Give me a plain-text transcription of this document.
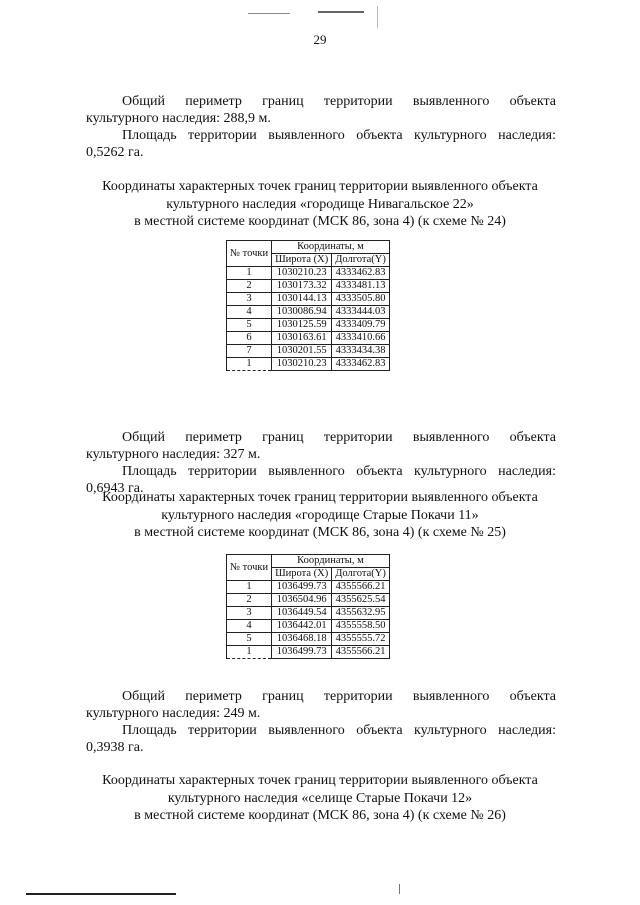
29
Общий периметр границ территории выявленного объекта
культурного наследия: 288,9 м.
Площадь территории выявленного объекта культурного наследия:
0,5262 га.
Координаты характерных точек границ территории выявленного объекта
культурного наследия «городище Нивагальское 22»
в местной системе координат (МСК 86, зона 4) (к схеме № 24)
№ точки	Координаты, м	
	Широта (X)	Долгота(Y)
1	1030210.23	4333462.83
2	1030173.32	4333481.13
3	1030144.13	4333505.80
4	1030086.94	4333444.03
5	1030125.59	4333409.79
6	1030163.61	4333410.66
7	1030201.55	4333434.38
1	1030210.23	4333462.83
Общий периметр границ территории выявленного объекта
культурного наследия: 327 м.
Площадь территории выявленного объекта культурного наследия:
0,6943 га.
Координаты характерных точек границ территории выявленного объекта
культурного наследия «городище Старые Покачи 11»
в местной системе координат (МСК 86, зона 4) (к схеме № 25)
№ точки	Координаты, м	
	Широта (X)	Долгота(Y)
1	1036499.73	4355566.21
2	1036504.96	4355625.54
3	1036449.54	4355632.95
4	1036442.01	4355558.50
5	1036468.18	4355555.72
1	1036499.73	4355566.21
Общий периметр границ территории выявленного объекта
культурного наследия: 249 м.
Площадь территории выявленного объекта культурного наследия:
0,3938 га.
Координаты характерных точек границ территории выявленного объекта
культурного наследия «селище Старые Покачи 12»
в местной системе координат (МСК 86, зона 4) (к схеме № 26)
